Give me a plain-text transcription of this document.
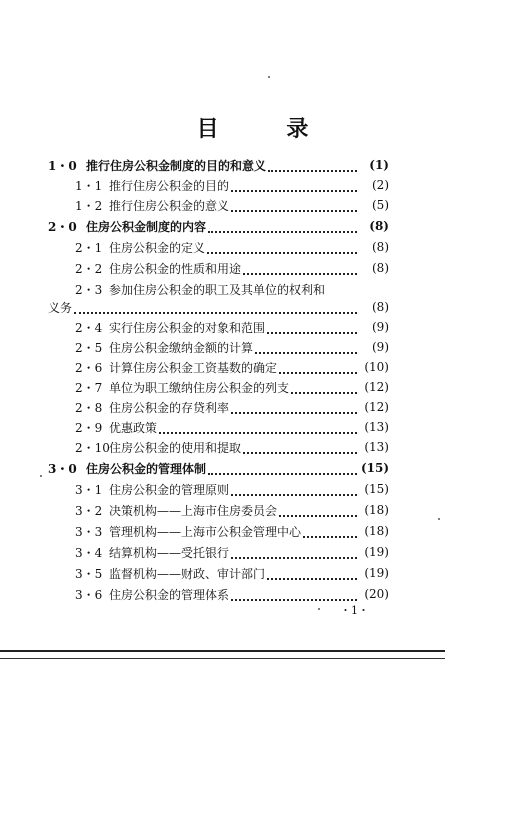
目 录
1・0 推行住房公积金制度的目的和意义	(1)
1・1 推行住房公积金的目的	(2)
1・2 推行住房公积金的意义	(5)
2・0 住房公积金制度的内容	(8)
2・1 住房公积金的定义	(8)
2・2 住房公积金的性质和用途	(8)
2・3 参加住房公积金的职工及其单位的权利和
义务	(8)
2・4 实行住房公积金的对象和范围	(9)
2・5 住房公积金缴纳金额的计算	(9)
2・6 计算住房公积金工资基数的确定	(10)
2・7 单位为职工缴纳住房公积金的列支	(12)
2・8 住房公积金的存贷利率	(12)
2・9 优惠政策	(13)
2・10 住房公积金的使用和提取	(13)
3・0 住房公积金的管理体制	(15)
3・1 住房公积金的管理原则	(15)
3・2 决策机构——上海市住房委员会	(18)
3・3 管理机构——上海市公积金管理中心	(18)
3・4 结算机构——受托银行	(19)
3・5 监督机构——财政、审计部门	(19)
3・6 住房公积金的管理体系	(20)
・1・
